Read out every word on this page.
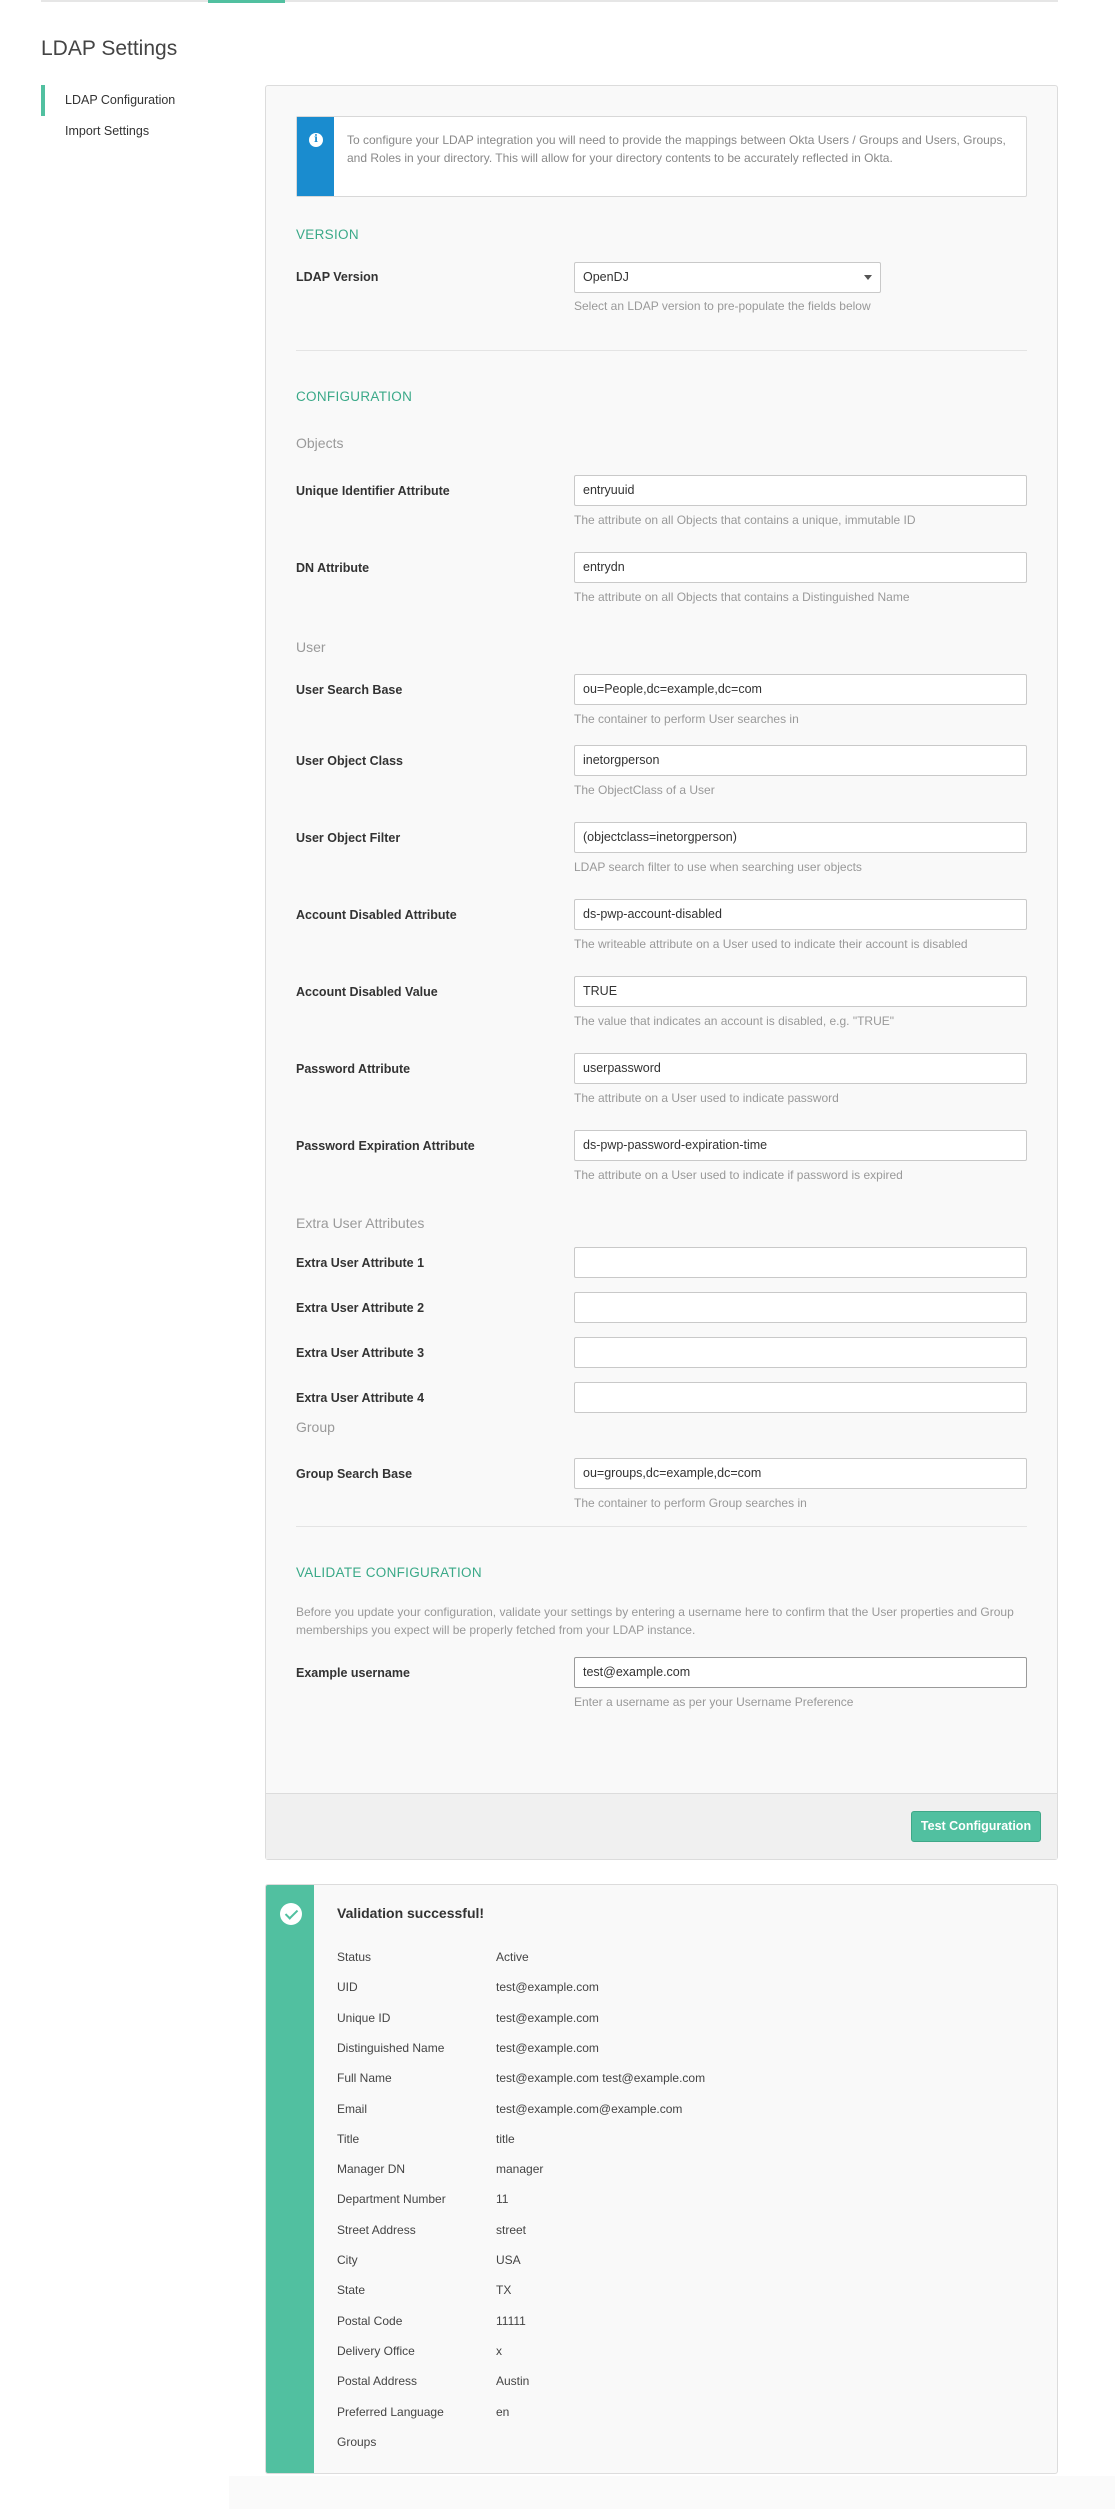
LDAP Settings
LDAP Configuration
Import Settings
i	To configure your LDAP integration you will need to provide the mappings between Okta Users / Groups and Users, Groups, and Roles in your directory. This will allow for your directory contents to be accurately reflected in Okta.
VERSION
LDAP Version	OpenDJ
Select an LDAP version to pre-populate the fields below
CONFIGURATION
Objects
Unique Identifier Attribute	entryuuid
The attribute on all Objects that contains a unique, immutable ID
DN Attribute	entrydn
The attribute on all Objects that contains a Distinguished Name
User
User Search Base	ou=People,dc=example,dc=com
The container to perform User searches in
User Object Class	inetorgperson
The ObjectClass of a User
User Object Filter	(objectclass=inetorgperson)
LDAP search filter to use when searching user objects
Account Disabled Attribute	ds-pwp-account-disabled
The writeable attribute on a User used to indicate their account is disabled
Account Disabled Value	TRUE
The value that indicates an account is disabled, e.g. "TRUE"
Password Attribute	userpassword
The attribute on a User used to indicate password
Password Expiration Attribute	ds-pwp-password-expiration-time
The attribute on a User used to indicate if password is expired
Extra User Attributes
Extra User Attribute 1
Extra User Attribute 2
Extra User Attribute 3
Extra User Attribute 4
Group
Group Search Base	ou=groups,dc=example,dc=com
The container to perform Group searches in
VALIDATE CONFIGURATION
Before you update your configuration, validate your settings by entering a username here to confirm that the User properties and Group memberships you expect will be properly fetched from your LDAP instance.
Example username	test@example.com
Enter a username as per your Username Preference
Test Configuration
Validation successful!
Status	Active
UID	test@example.com
Unique ID	test@example.com
Distinguished Name	test@example.com
Full Name	test@example.com test@example.com
Email	test@example.com@example.com
Title	title
Manager DN	manager
Department Number	11
Street Address	street
City	USA
State	TX
Postal Code	11111
Delivery Office	x
Postal Address	Austin
Preferred Language	en
Groups
